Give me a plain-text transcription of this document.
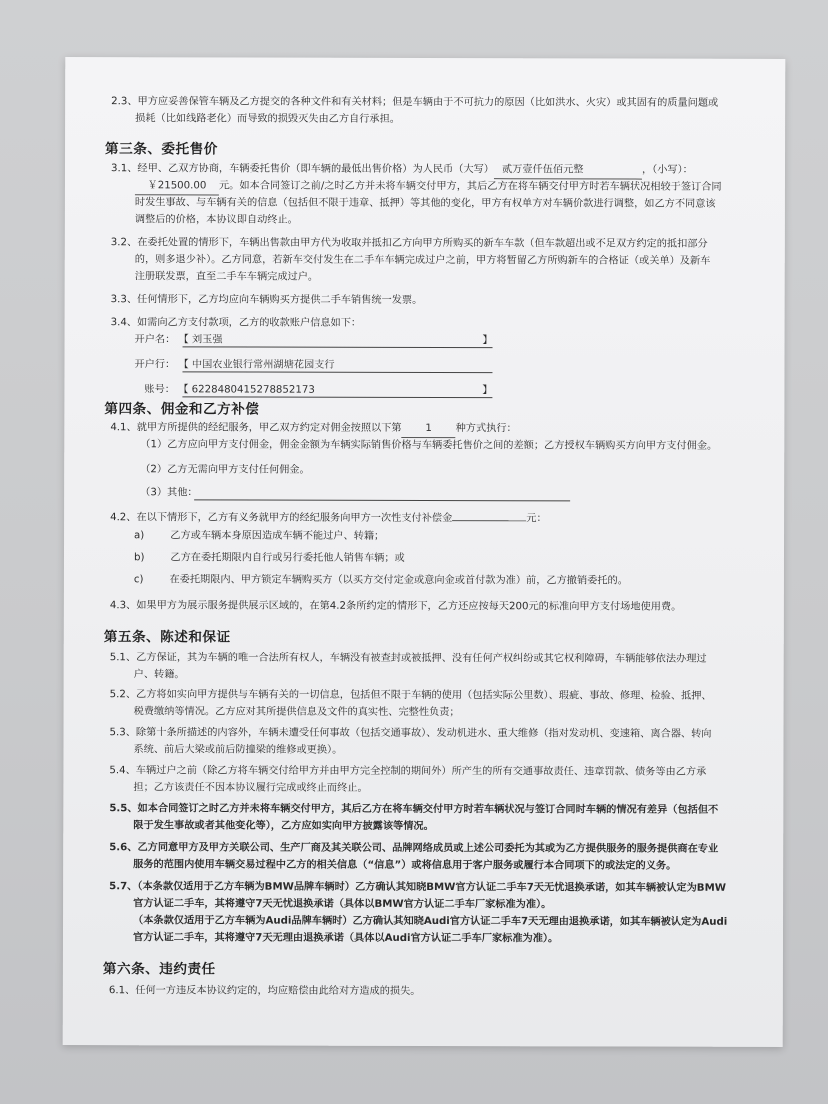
2.3、甲方应妥善保管车辆及乙方提交的各种文件和有关材料；但是车辆由于不可抗力的原因（比如洪水、火灾）或其固有的质量问题或
损耗（比如线路老化）而导致的损毁灭失由乙方自行承担。
第三条、委托售价
3.1、经甲、乙双方协商，车辆委托售价（即车辆的最低出售价格）为人民币（大写） 贰万壹仟伍佰元整	，（小写）：
￥21500.00 元。如本合同签订之前/之时乙方并未将车辆交付甲方，其后乙方在将车辆交付甲方时若车辆状况相较于签订合同
时发生事故、与车辆有关的信息（包括但不限于违章、抵押）等其他的变化，甲方有权单方对车辆价款进行调整，如乙方不同意该
调整后的价格，本协议即自动终止。
3.2、在委托处置的情形下，车辆出售款由甲方代为收取并抵扣乙方向甲方所购买的新车车款（但车款超出或不足双方约定的抵扣部分
的，则多退少补）。乙方同意，若新车交付发生在二手车车辆完成过户之前，甲方将暂留乙方所购新车的合格证（或关单）及新车
注册联发票，直至二手车车辆完成过户。
3.3、任何情形下，乙方均应向车辆购买方提供二手车销售统一发票。
3.4、如需向乙方支付款项，乙方的收款账户信息如下：
开户名： 【 刘玉强	】
开户行： 【 中国农业银行常州湖塘花园支行
账号： 【 6228480415278852173	】
第四条、佣金和乙方补偿
4.1、就甲方所提供的经纪服务，甲乙双方约定对佣金按照以下第 1 种方式执行：
（1）乙方应向甲方支付佣金，佣金金额为车辆实际销售价格与车辆委托售价之间的差额；乙方授权车辆购买方向甲方支付佣金。
（2）乙方无需向甲方支付任何佣金。
（3）其他：
4.2、在以下情形下，乙方有义务就甲方的经纪服务向甲方一次性支付补偿金	元：
a)	乙方或车辆本身原因造成车辆不能过户、转籍；
b)	乙方在委托期限内自行或另行委托他人销售车辆；或
c)	在委托期限内、甲方锁定车辆购买方（以买方交付定金或意向金或首付款为准）前，乙方撤销委托的。
4.3、如果甲方为展示服务提供展示区域的，在第4.2条所约定的情形下，乙方还应按每天200元的标准向甲方支付场地使用费。
第五条、陈述和保证
5.1、乙方保证，其为车辆的唯一合法所有权人，车辆没有被查封或被抵押、没有任何产权纠纷或其它权利障碍，车辆能够依法办理过
户、转籍。
5.2、乙方将如实向甲方提供与车辆有关的一切信息，包括但不限于车辆的使用（包括实际公里数）、瑕疵、事故、修理、检验、抵押、
税费缴纳等情况。乙方应对其所提供信息及文件的真实性、完整性负责；
5.3、除第十条所描述的内容外，车辆未遭受任何事故（包括交通事故）、发动机进水、重大维修（指对发动机、变速箱、离合器、转向
系统、前后大梁或前后防撞梁的维修或更换）。
5.4、车辆过户之前（除乙方将车辆交付给甲方并由甲方完全控制的期间外）所产生的所有交通事故责任、违章罚款、债务等由乙方承
担；乙方该责任不因本协议履行完成或终止而终止。
5.5、如本合同签订之时乙方并未将车辆交付甲方，其后乙方在将车辆交付甲方时若车辆状况与签订合同时车辆的情况有差异（包括但不
限于发生事故或者其他变化等），乙方应如实向甲方披露该等情况。
5.6、乙方同意甲方及甲方关联公司、生产厂商及其关联公司、品牌网络成员或上述公司委托为其或为乙方提供服务的服务提供商在专业
服务的范围内使用车辆交易过程中乙方的相关信息（“信息”）或将信息用于客户服务或履行本合同项下的或法定的义务。
5.7、（本条款仅适用于乙方车辆为BMW品牌车辆时）乙方确认其知晓BMW官方认证二手车7天无忧退换承诺，如其车辆被认定为BMW
官方认证二手车，其将遵守7天无忧退换承诺（具体以BMW官方认证二手车厂家标准为准）。
（本条款仅适用于乙方车辆为Audi品牌车辆时）乙方确认其知晓Audi官方认证二手车7天无理由退换承诺，如其车辆被认定为Audi
官方认证二手车，其将遵守7天无理由退换承诺（具体以Audi官方认证二手车厂家标准为准）。
第六条、违约责任
6.1、任何一方违反本协议约定的，均应赔偿由此给对方造成的损失。
